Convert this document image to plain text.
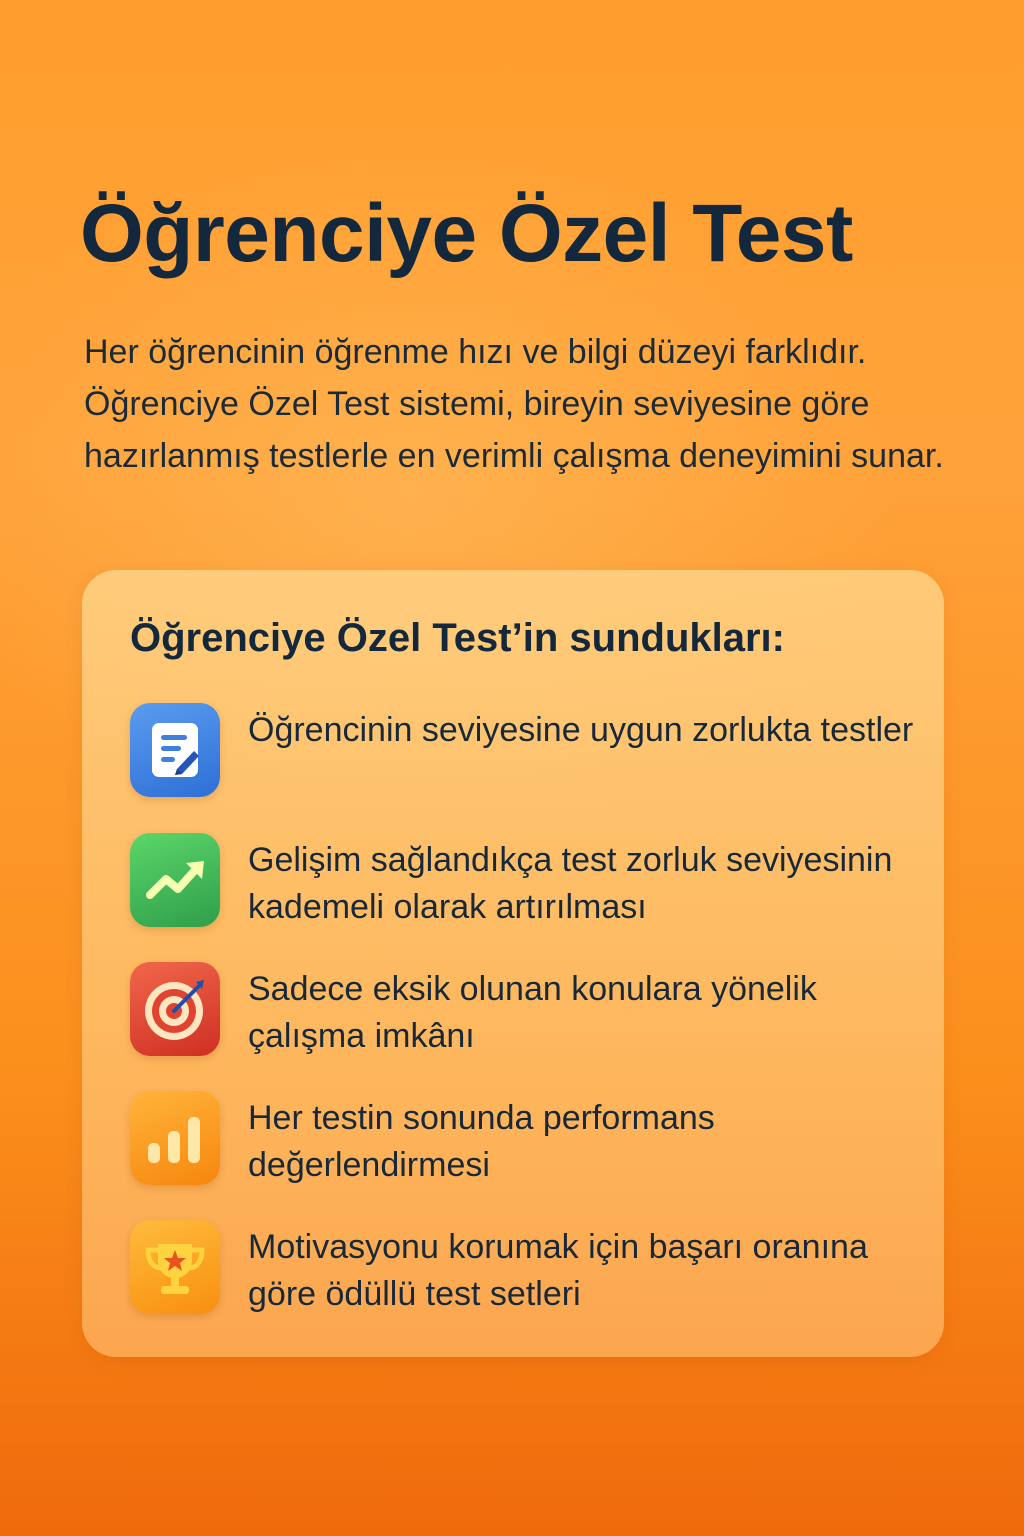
Öğrenciye Özel Test

Her öğrencinin öğrenme hızı ve bilgi düzeyi farklıdır. Öğrenciye Özel Test sistemi, bireyin seviyesine göre hazırlanmış testlerle en verimli çalışma deneyimini sunar.

Öğrenciye Özel Test’in sundukları:

Öğrencinin seviyesine uygun zorlukta testler

Gelişim sağlandıkça test zorluk seviyesinin kademeli olarak artırılması

Sadece eksik olunan konulara yönelik çalışma imkânı

Her testin sonunda performans değerlendirmesi

Motivasyonu korumak için başarı oranına göre ödüllü test setleri
